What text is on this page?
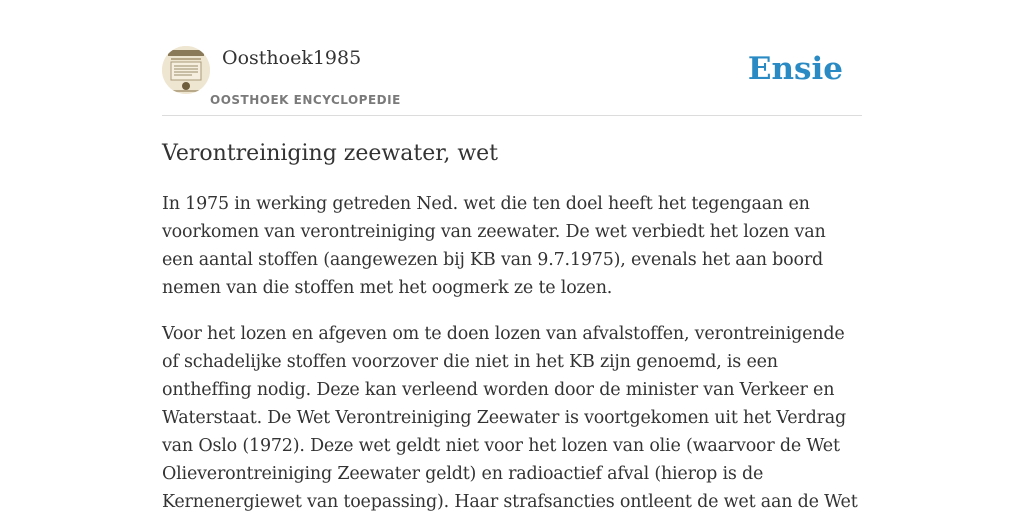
Oosthoek1985
OOSTHOEK ENCYCLOPEDIE
Ensie
Verontreiniging zeewater, wet

In 1975 in werking getreden Ned. wet die ten doel heeft het tegengaan en voorkomen van verontreiniging van zeewater. De wet verbiedt het lozen van een aantal stoffen (aangewezen bij KB van 9.7.1975), evenals het aan boord nemen van die stoffen met het oogmerk ze te lozen.

Voor het lozen en afgeven om te doen lozen van afvalstoffen, verontreinigende of schadelijke stoffen voorzover die niet in het KB zijn genoemd, is een ontheffing nodig. Deze kan verleend worden door de minister van Verkeer en Waterstaat. De Wet Verontreiniging Zeewater is voortgekomen uit het Verdrag van Oslo (1972). Deze wet geldt niet voor het lozen van olie (waarvoor de Wet Olieverontreiniging Zeewater geldt) en radioactief afval (hierop is de Kernenergiewet van toepassing). Haar strafsancties ontleent de wet aan de Wet
